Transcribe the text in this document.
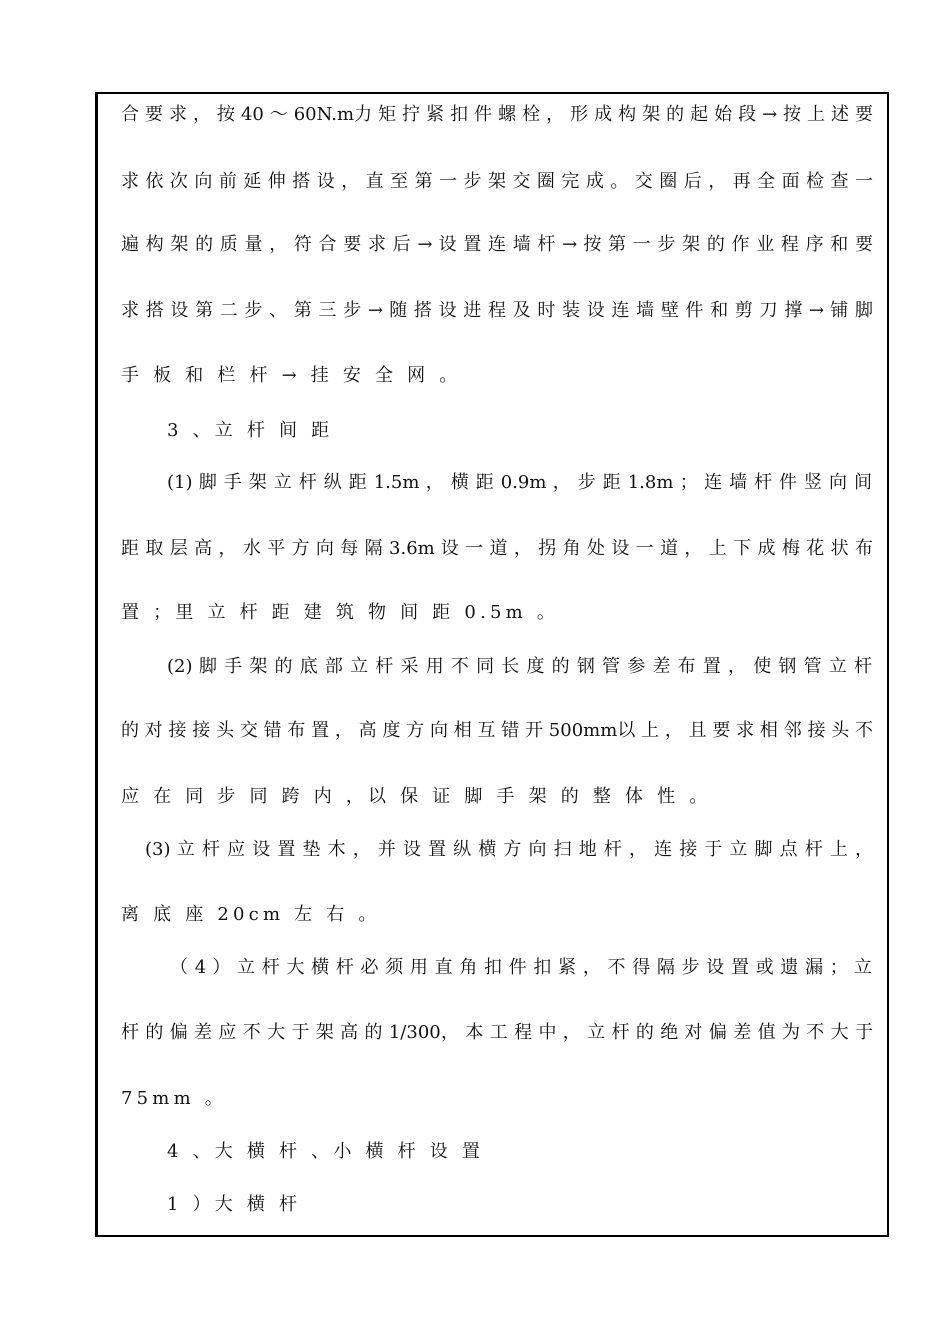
合 要 求 ， 按 40 ～ 60N.m力 矩 拧 紧 扣 件 螺 栓 ， 形 成 构 架 的 起 始 段 → 按 上 述 要
求 依 次 向 前 延 伸 搭 设 ， 直 至 第 一 步 架 交 圈 完 成 。 交 圈 后 ， 再 全 面 检 查 一
遍 构 架 的 质 量 ， 符 合 要 求 后 → 设 置 连 墙 杆 → 按 第 一 步 架 的 作 业 程 序 和 要
求 搭 设 第 二 步 、 第 三 步 → 随 搭 设 进 程 及 时 装 设 连 墙 壁 件 和 剪 刀 撑 → 铺 脚
手 板 和 栏 杆 → 挂 安 全 网 。
3 、立 杆 间 距
(1) 脚 手 架 立 杆 纵 距 1.5m ， 横 距 0.9m ， 步 距 1.8m ； 连 墙 杆 件 竖 向 间
距 取 层 高 ， 水 平 方 向 每 隔 3.6m 设 一 道 ， 拐 角 处 设 一 道 ， 上 下 成 梅 花 状 布
置 ；里 立 杆 距 建 筑 物 间 距 0.5m 。
(2) 脚 手 架 的 底 部 立 杆 采 用 不 同 长 度 的 钢 管 参 差 布 置 ， 使 钢 管 立 杆
的 对 接 接 头 交 错 布 置 ， 高 度 方 向 相 互 错 开 500mm以 上 ， 且 要 求 相 邻 接 头 不
应 在 同 步 同 跨 内 ，以 保 证 脚 手 架 的 整 体 性 。
(3) 立 杆 应 设 置 垫 木 ， 并 设 置 纵 横 方 向 扫 地 杆 ， 连 接 于 立 脚 点 杆 上 ，
离 底 座 20cm 左 右 。
（ 4 ） 立 杆 大 横 杆 必 须 用 直 角 扣 件 扣 紧 ， 不 得 隔 步 设 置 或 遗 漏 ； 立
杆 的 偏 差 应 不 大 于 架 高 的 1/300， 本 工 程 中 ， 立 杆 的 绝 对 偏 差 值 为 不 大 于
75mm 。
4 、大 横 杆 、小 横 杆 设 置
1 ）大 横 杆
